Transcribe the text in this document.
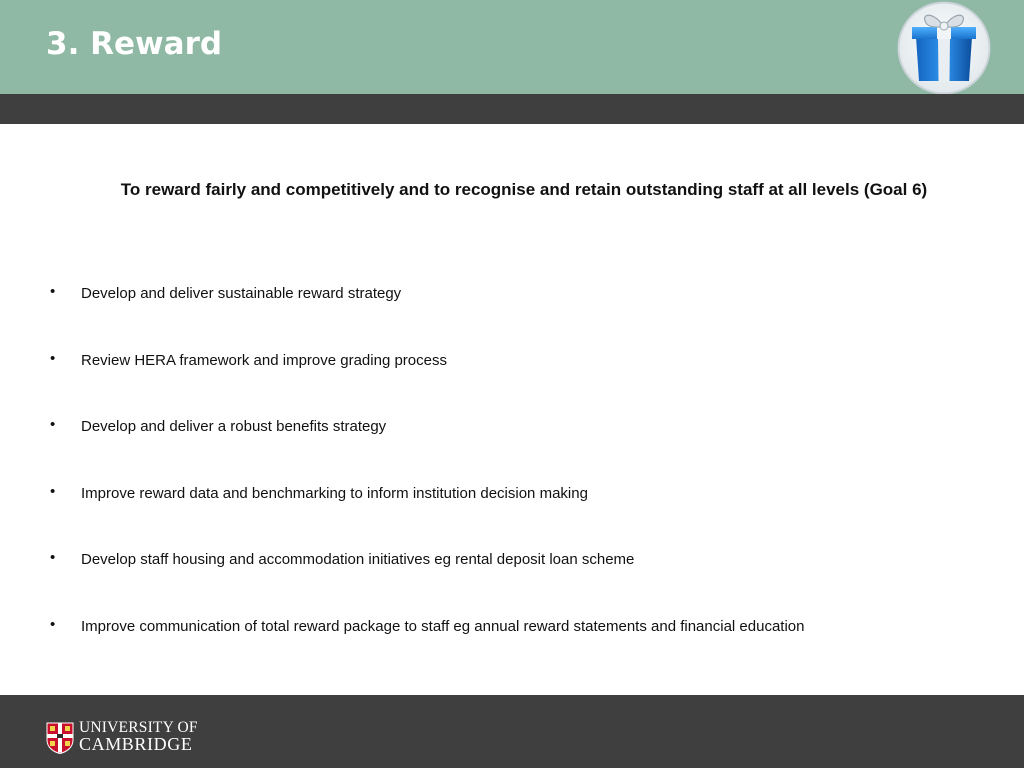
3. Reward
To reward fairly and competitively and to recognise and retain outstanding staff at all levels (Goal 6)
• Develop and deliver sustainable reward strategy
• Review HERA framework and improve grading process
• Develop and deliver a robust benefits strategy
• Improve reward data and benchmarking to inform institution decision making
• Develop staff housing and accommodation initiatives eg rental deposit loan scheme
• Improve communication of total reward package to staff eg annual reward statements and financial education
UNIVERSITY OF
CAMBRIDGE
